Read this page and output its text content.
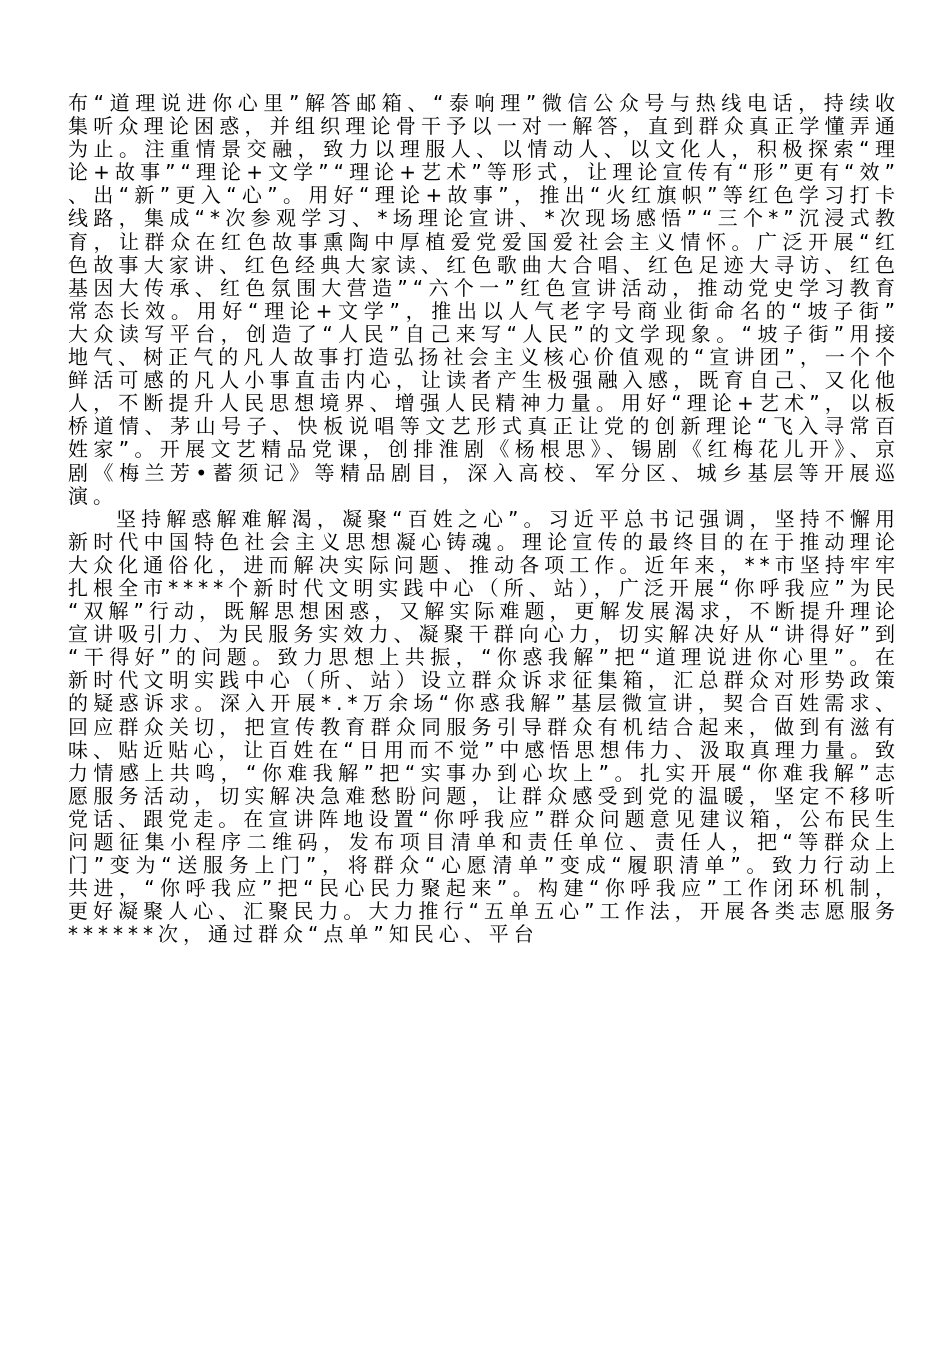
布“道理说进你心里”解答邮箱、“泰响理”微信公众号与热线电话，持续收集听众理论困惑，并组织理论骨干予以一对一解答，直到群众真正学懂弄通为止。注重情景交融，致力以理服人、以情动人、以文化人，积极探索“理论+故事”“理论+文学”“理论+艺术”等形式，让理论宣传有“形”更有“效”、出“新”更入“心”。用好“理论+故事”，推出“火红旗帜”等红色学习打卡线路，集成“*次参观学习、*场理论宣讲、*次现场感悟”“三个*”沉浸式教育，让群众在红色故事熏陶中厚植爱党爱国爱社会主义情怀。广泛开展“红色故事大家讲、红色经典大家读、红色歌曲大合唱、红色足迹大寻访、红色基因大传承、红色氛围大营造”“六个一”红色宣讲活动，推动党史学习教育常态长效。用好“理论+文学”，推出以人气老字号商业街命名的“坡子街”大众读写平台，创造了“人民”自己来写“人民”的文学现象。“坡子街”用接地气、树正气的凡人故事打造弘扬社会主义核心价值观的“宣讲团”，一个个鲜活可感的凡人小事直击内心，让读者产生极强融入感，既育自己、又化他人，不断提升人民思想境界、增强人民精神力量。用好“理论+艺术”，以板桥道情、茅山号子、快板说唱等文艺形式真正让党的创新理论“飞入寻常百姓家”。开展文艺精品党课，创排淮剧《杨根思》、锡剧《红梅花儿开》、京剧《梅兰芳•蓄须记》等精品剧目，深入高校、军分区、城乡基层等开展巡演。

坚持解惑解难解渴，凝聚“百姓之心”。习近平总书记强调，坚持不懈用新时代中国特色社会主义思想凝心铸魂。理论宣传的最终目的在于推动理论大众化通俗化，进而解决实际问题、推动各项工作。近年来，**市坚持牢牢扎根全市****个新时代文明实践中心（所、站），广泛开展“你呼我应”为民“双解”行动，既解思想困惑，又解实际难题，更解发展渴求，不断提升理论宣讲吸引力、为民服务实效力、凝聚干群向心力，切实解决好从“讲得好”到“干得好”的问题。致力思想上共振，“你惑我解”把“道理说进你心里”。在新时代文明实践中心（所、站）设立群众诉求征集箱，汇总群众对形势政策的疑惑诉求。深入开展*.*万余场“你惑我解”基层微宣讲，契合百姓需求、回应群众关切，把宣传教育群众同服务引导群众有机结合起来，做到有滋有味、贴近贴心，让百姓在“日用而不觉”中感悟思想伟力、汲取真理力量。致力情感上共鸣，“你难我解”把“实事办到心坎上”。扎实开展“你难我解”志愿服务活动，切实解决急难愁盼问题，让群众感受到党的温暖，坚定不移听党话、跟党走。在宣讲阵地设置“你呼我应”群众问题意见建议箱，公布民生问题征集小程序二维码，发布项目清单和责任单位、责任人，把“等群众上门”变为“送服务上门”，将群众“心愿清单”变成“履职清单”。致力行动上共进，“你呼我应”把“民心民力聚起来”。构建“你呼我应”工作闭环机制，更好凝聚人心、汇聚民力。大力推行“五单五心”工作法，开展各类志愿服务******次，通过群众“点单”知民心、平台
